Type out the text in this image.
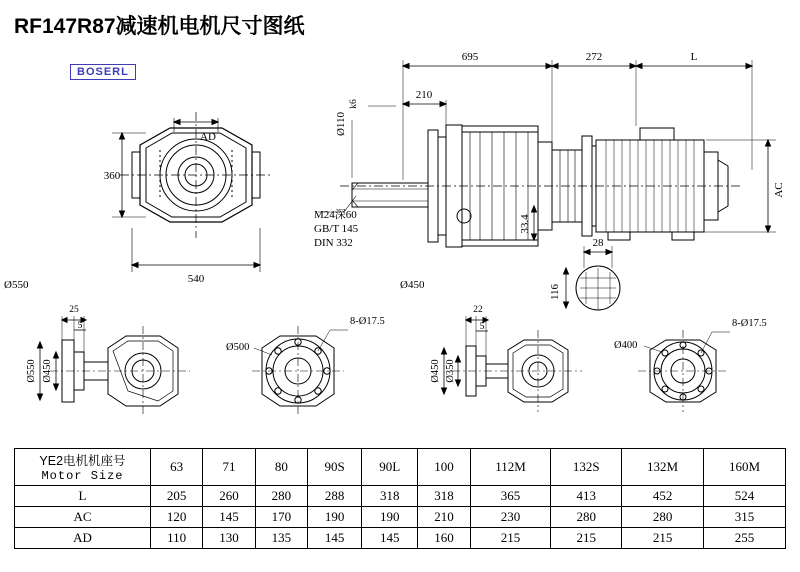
RF147R87减速机电机尺寸图纸
BOSERL
AD
360
540
695
210
272	L
AC
Ø110
k6
33.4
28
116
M24深60
GB/T 145
DIN 332
Ø550
Ø550 Ø450
25
5	8-Ø17.5
Ø500
Ø450
Ø450 Ø350
22
5	8-Ø17.5
Ø400
YE2电机机座号
Motor Size	63	71	80	90S	90L	100	112M	132S	132M	160M
L	205	260	280	288	318	318	365	413	452	524
AC	120	145	170	190	190	210	230	280	280	315
AD	110	130	135	145	145	160	215	215	215	255
